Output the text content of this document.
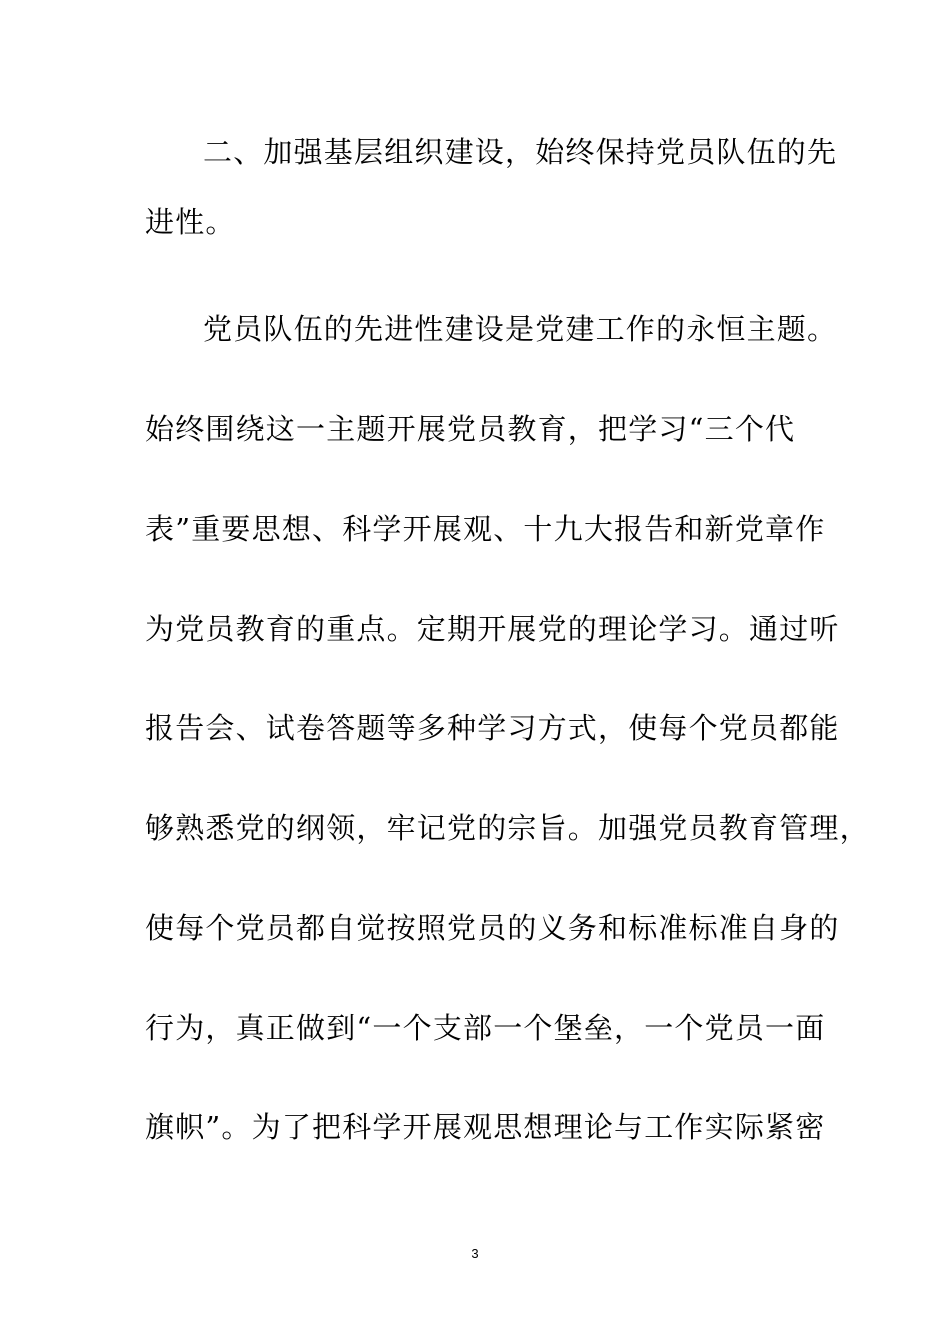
二、加强基层组织建设，始终保持党员队伍的先
进性。
党员队伍的先进性建设是党建工作的永恒主题。
始终围绕这一主题开展党员教育，把学习“三个代
表”重要思想、科学开展观、十九大报告和新党章作
为党员教育的重点。定期开展党的理论学习。通过听
报告会、试卷答题等多种学习方式，使每个党员都能
够熟悉党的纲领，牢记党的宗旨。加强党员教育管理，
使每个党员都自觉按照党员的义务和标准标准自身的
行为，真正做到“一个支部一个堡垒，一个党员一面
旗帜”。为了把科学开展观思想理论与工作实际紧密
3
